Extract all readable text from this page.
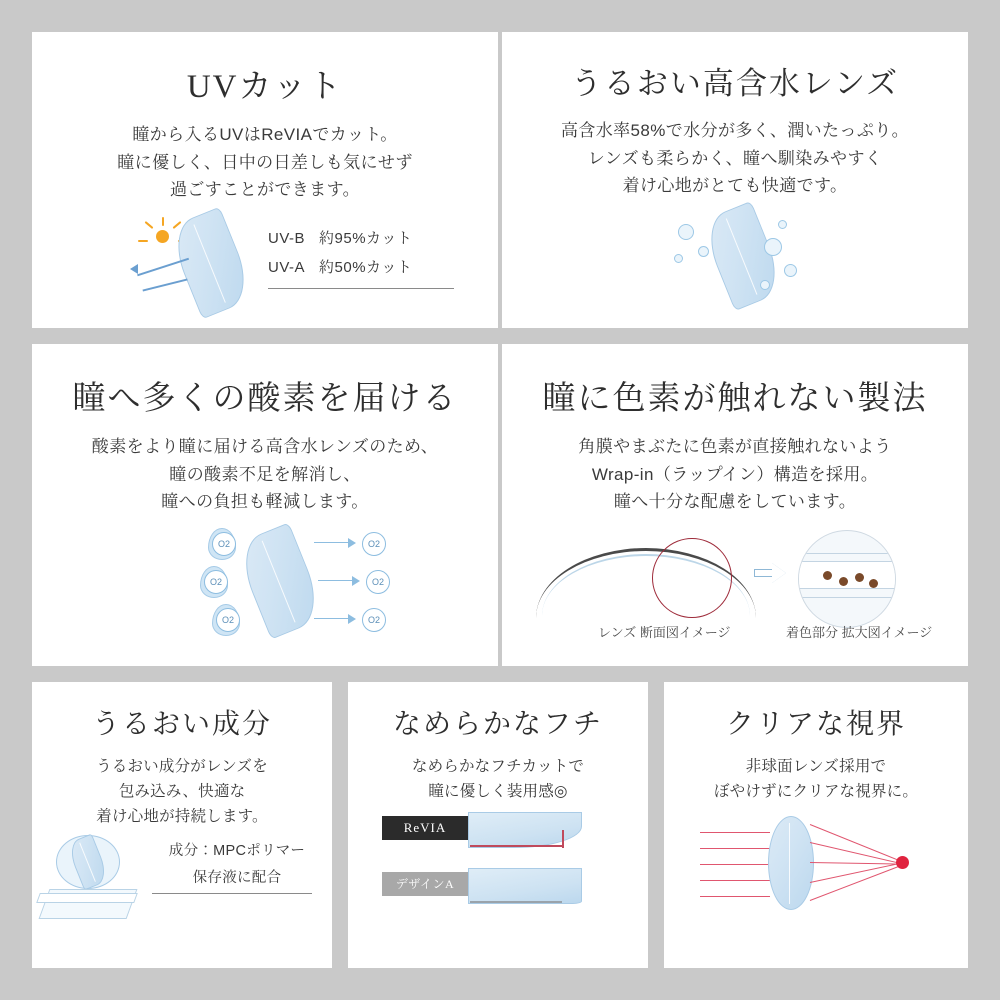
UVカット
瞳から入るUVはReVIAでカット。
瞳に優しく、日中の日差しも気にせず
過ごすことができます。
UV-B 約95%カット
UV-A 約50%カット
うるおい高含水レンズ
高含水率58%で水分が多く、潤いたっぷり。
レンズも柔らかく、瞳へ馴染みやすく
着け心地がとても快適です。
瞳へ多くの酸素を届ける
酸素をより瞳に届ける高含水レンズのため、
瞳の酸素不足を解消し、
瞳への負担も軽減します。
O2
O2
O2
O2
O2
O2
瞳に色素が触れない製法
角膜やまぶたに色素が直接触れないよう
Wrap-in（ラップイン）構造を採用。
瞳へ十分な配慮をしています。
レンズ 断面図イメージ	着色部分 拡大図イメージ
うるおい成分
うるおい成分がレンズを
包み込み、快適な
着け心地が持続します。
成分：MPCポリマー
保存液に配合
なめらかなフチ
なめらかなフチカットで
瞳に優しく装用感◎
ReVIA
デザインA
クリアな視界
非球面レンズ採用で
ぼやけずにクリアな視界に。
